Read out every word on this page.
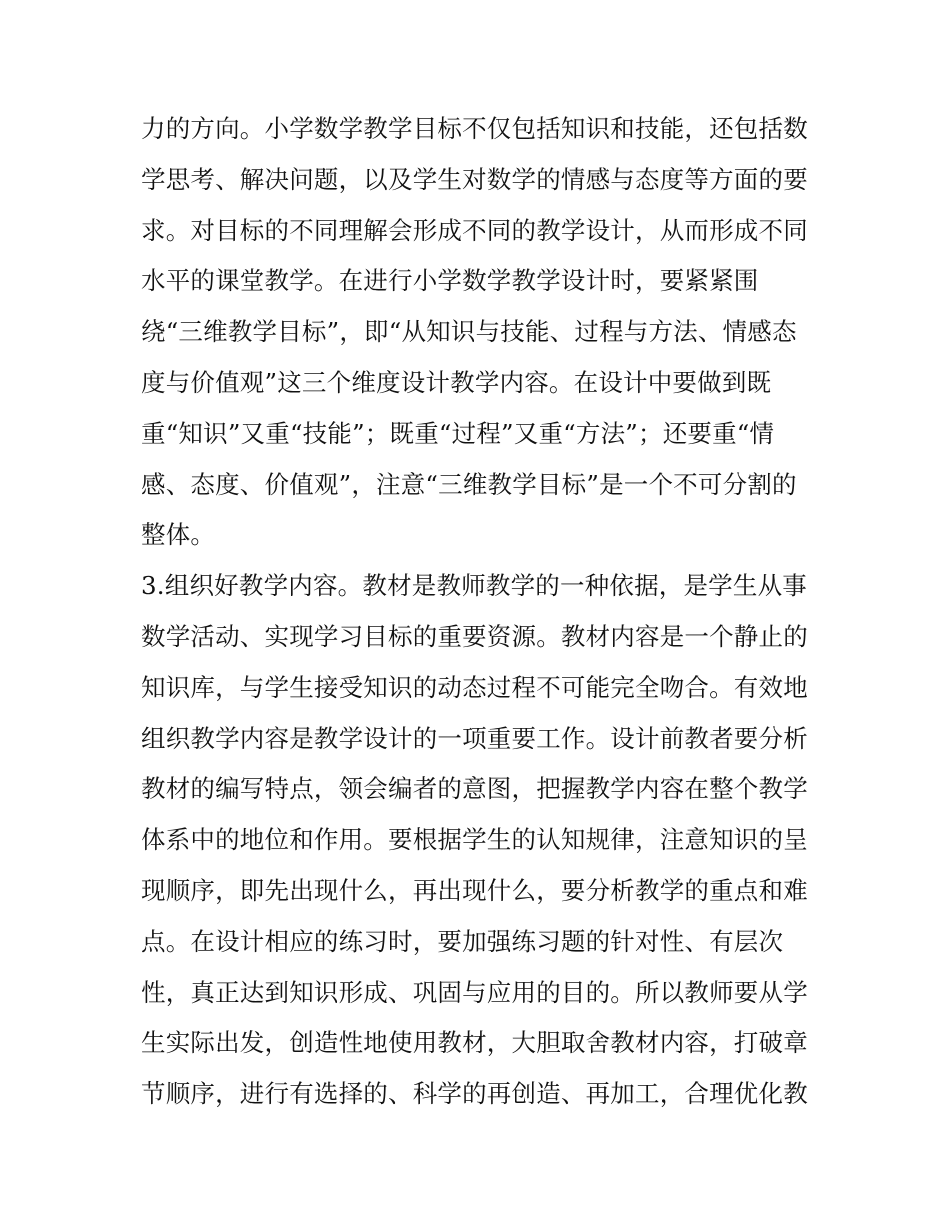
力的方向。小学数学教学目标不仅包括知识和技能，还包括数
学思考、解决问题，以及学生对数学的情感与态度等方面的要
求。对目标的不同理解会形成不同的教学设计，从而形成不同
水平的课堂教学。在进行小学数学教学设计时，要紧紧围
绕“三维教学目标”，即“从知识与技能、过程与方法、情感态
度与价值观”这三个维度设计教学内容。在设计中要做到既
重“知识”又重“技能”；既重“过程”又重“方法”；还要重“情
感、态度、价值观”，注意“三维教学目标”是一个不可分割的
整体。
3.组织好教学内容。教材是教师教学的一种依据，是学生从事
数学活动、实现学习目标的重要资源。教材内容是一个静止的
知识库，与学生接受知识的动态过程不可能完全吻合。有效地
组织教学内容是教学设计的一项重要工作。设计前教者要分析
教材的编写特点，领会编者的意图，把握教学内容在整个教学
体系中的地位和作用。要根据学生的认知规律，注意知识的呈
现顺序，即先出现什么，再出现什么，要分析教学的重点和难
点。在设计相应的练习时，要加强练习题的针对性、有层次
性，真正达到知识形成、巩固与应用的目的。所以教师要从学
生实际出发，创造性地使用教材，大胆取舍教材内容，打破章
节顺序，进行有选择的、科学的再创造、再加工，合理优化教
